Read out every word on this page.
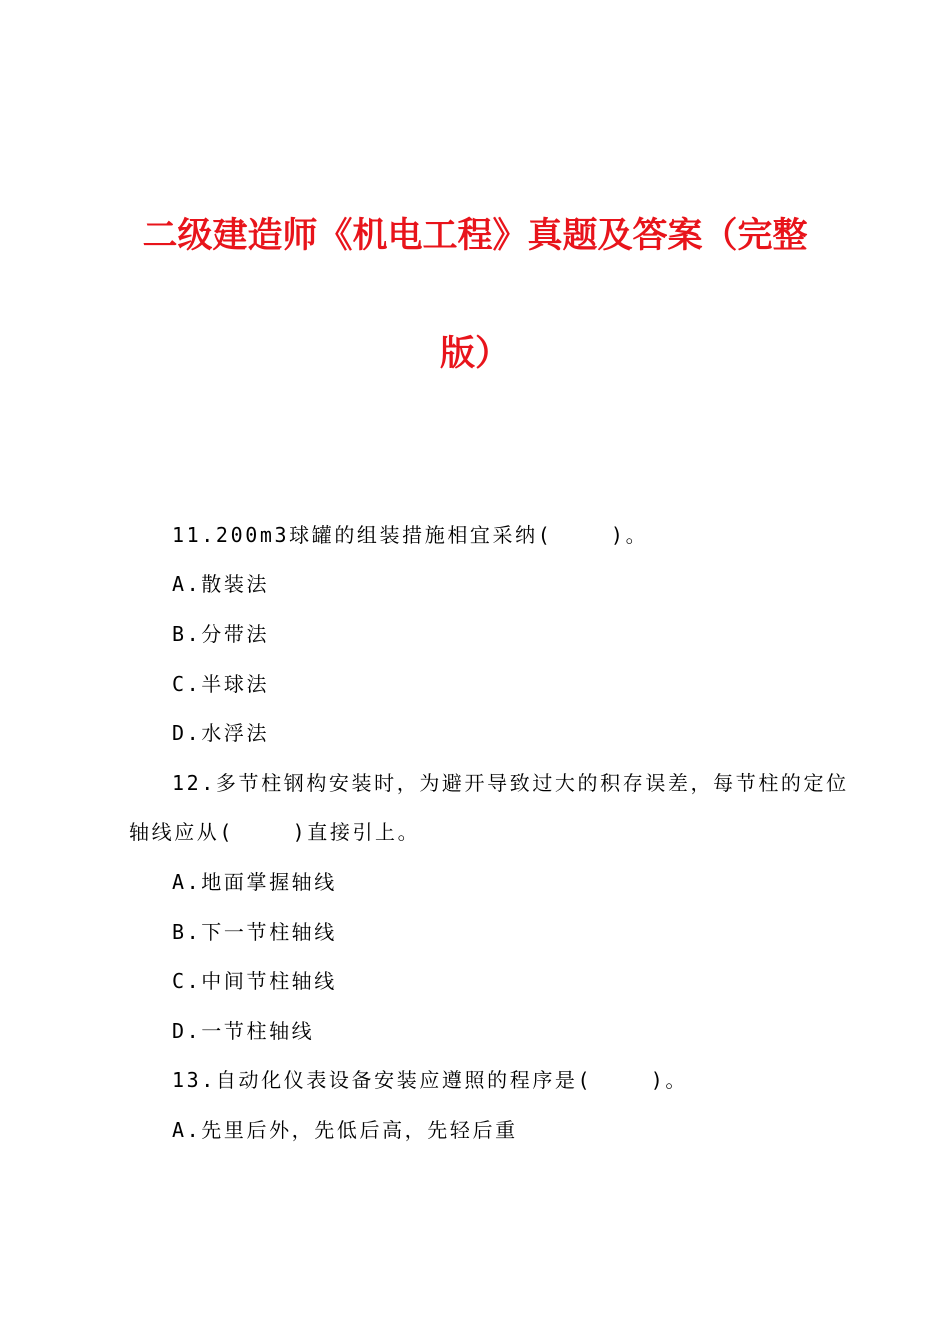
二级建造师《机电工程》真题及答案（完整
版）

11.200m3球罐的组装措施相宜采纳(    )。

A.散装法

B.分带法

C.半球法

D.水浮法

12.多节柱钢构安装时，为避开导致过大的积存误差，每节柱的定位

轴线应从(    )直接引上。

A.地面掌握轴线

B.下一节柱轴线

C.中间节柱轴线

D.一节柱轴线

13.自动化仪表设备安装应遵照的程序是(    )。

A.先里后外，先低后高，先轻后重
